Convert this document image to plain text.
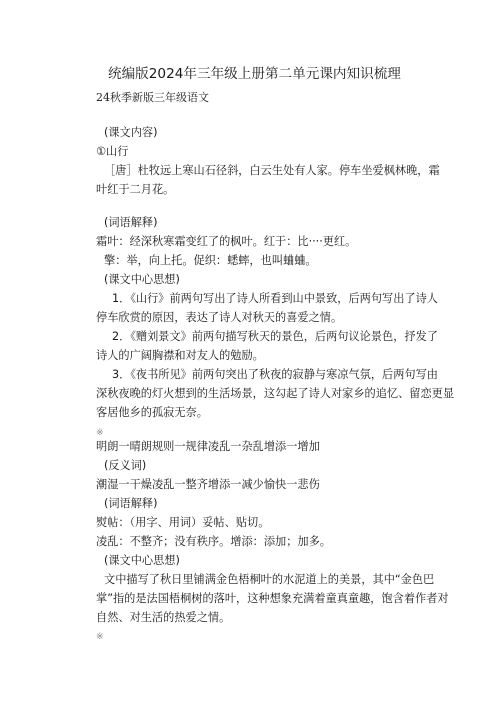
统编版2024年三年级上册第二单元课内知识梳理
24秋季新版三年级语文
(课文内容)
①山行
［唐］杜牧远上寒山石径斜，白云生处有人家。停车坐爱枫林晚，霜
叶红于二月花。
(词语解释)
霜叶：经深秋寒霜变红了的枫叶。红于：比····更红。
擎：举，向上托。促织：蟋蟀，也叫蛐蛐。
(课文中心思想)
1．《山行》前两句写出了诗人所看到山中景致，后两句写出了诗人
停车欣赏的原因，表达了诗人对秋天的喜爱之情。
2．《赠刘景文》前两句描写秋天的景色，后两句议论景色，抒发了
诗人的广阔胸襟和对友人的勉励。
3．《夜书所见》前两句突出了秋夜的寂静与寒凉气氛，后两句写由
深秋夜晚的灯火想到的生活场景，这勾起了诗人对家乡的追忆、留恋更显
客居他乡的孤寂无奈。
※
明朗一晴朗规则一规律凌乱一杂乱增添一增加
(反义词)
潮湿一干燥凌乱一整齐增添一减少愉快一悲伤
(词语解释)
熨帖：（用字、用词）妥帖、贴切。
凌乱：不整齐；没有秩序。增添：添加；加多。
(课文中心思想)
文中描写了秋日里铺满金色梧桐叶的水泥道上的美景，其中“金色巴
掌”指的是法国梧桐树的落叶，这种想象充满着童真童趣，饱含着作者对
自然、对生活的热爱之情。
※
